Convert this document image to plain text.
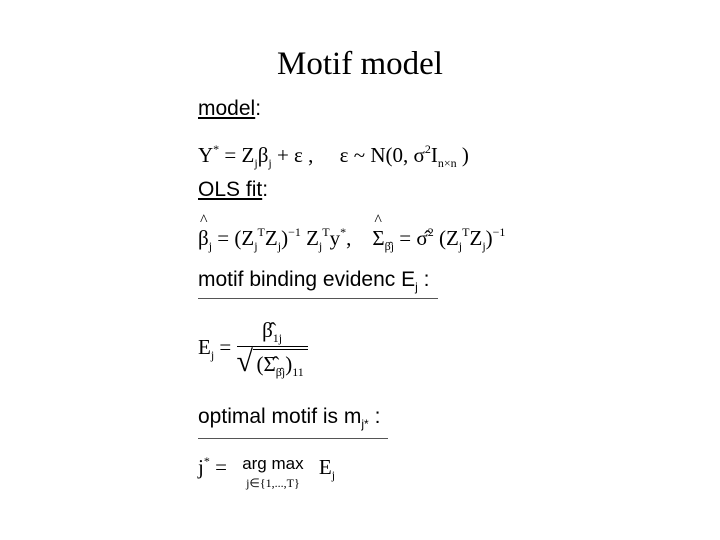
Motif model
model:
$Y^* = Z_j\beta_j + \varepsilon$ , ε ~ N(0, $\sigma^2I_{n\times n}$ )
OLS fit:
^ $\beta_j = (Z_j^TZ_j)^{-1}$ $Z_j^Ty^*$,    ^ $\Sigma_{\betâj}$ = σ̂$^2$ $(Z_j^TZ_j)^{-1}$
motif binding evidenc $E_j$ :
$E_j = \frac{\betâ_{1j}}{√ (\Sigmâ_{\betâj})_{11}}$
optimal motif is $m_{j*}$ :
j* = arg max
j∈{1,...,T}
$E_j$
